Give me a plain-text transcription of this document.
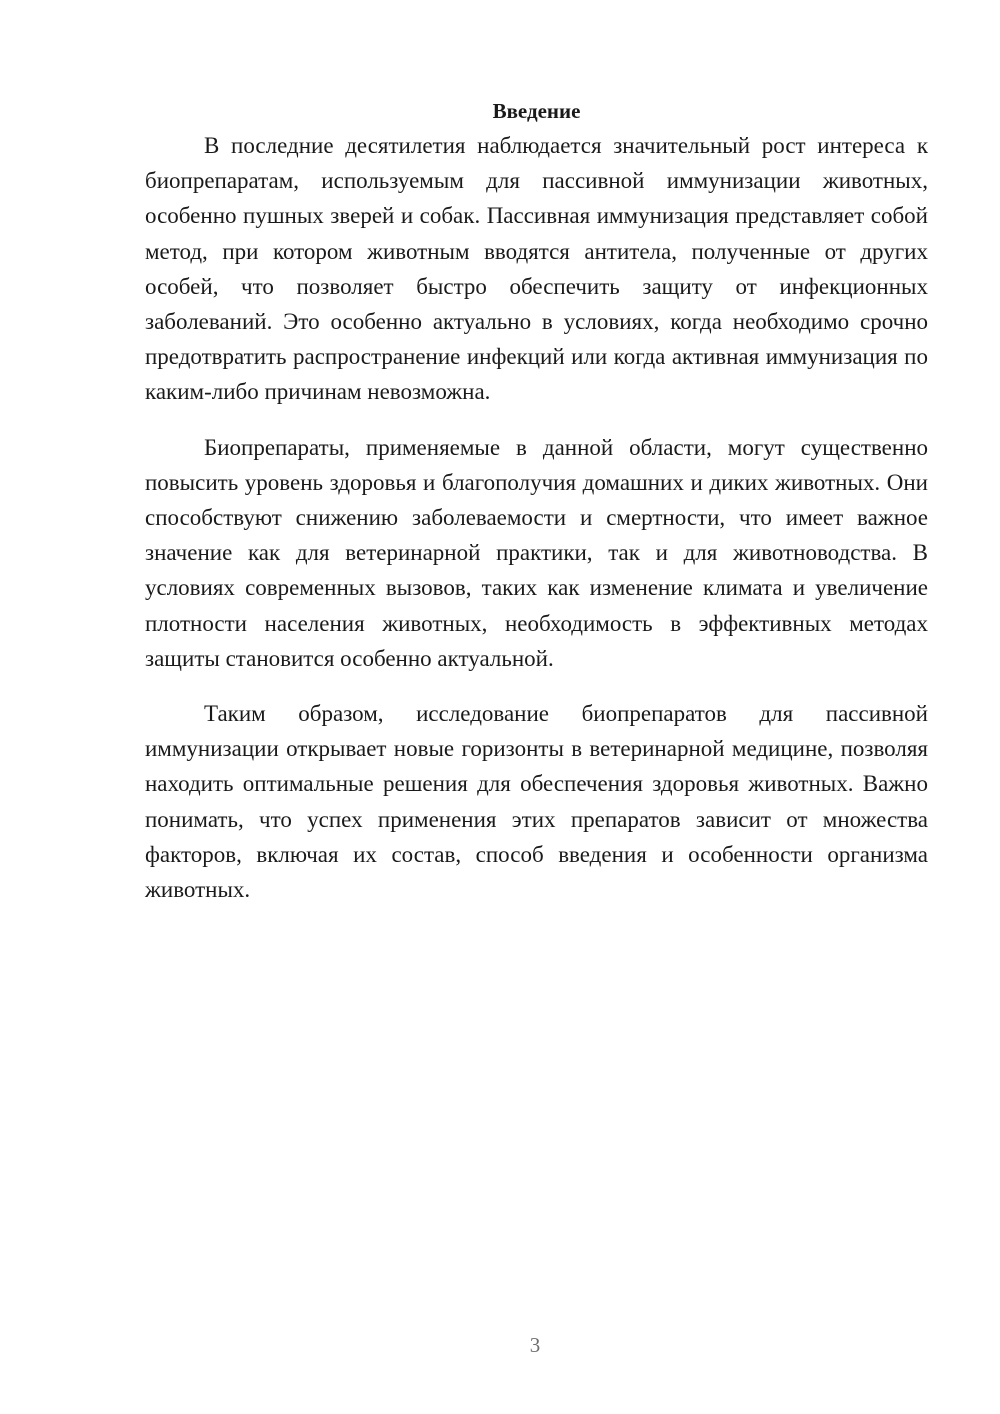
Введение

В последние десятилетия наблюдается значительный рост интереса к биопрепаратам, используемым для пассивной иммунизации животных, особенно пушных зверей и собак. Пассивная иммунизация представляет собой метод, при котором животным вводятся антитела, полученные от других особей, что позволяет быстро обеспечить защиту от инфекционных заболеваний. Это особенно актуально в условиях, когда необходимо срочно предотвратить распространение инфекций или когда активная иммунизация по каким-либо причинам невозможна.

Биопрепараты, применяемые в данной области, могут существенно повысить уровень здоровья и благополучия домашних и диких животных. Они способствуют снижению заболеваемости и смертности, что имеет важное значение как для ветеринарной практики, так и для животноводства. В условиях современных вызовов, таких как изменение климата и увеличение плотности населения животных, необходимость в эффективных методах защиты становится особенно актуальной.

Таким образом, исследование биопрепаратов для пассивной иммунизации открывает новые горизонты в ветеринарной медицине, позволяя находить оптимальные решения для обеспечения здоровья животных. Важно понимать, что успех применения этих препаратов зависит от множества факторов, включая их состав, способ введения и особенности организма животных.

3
